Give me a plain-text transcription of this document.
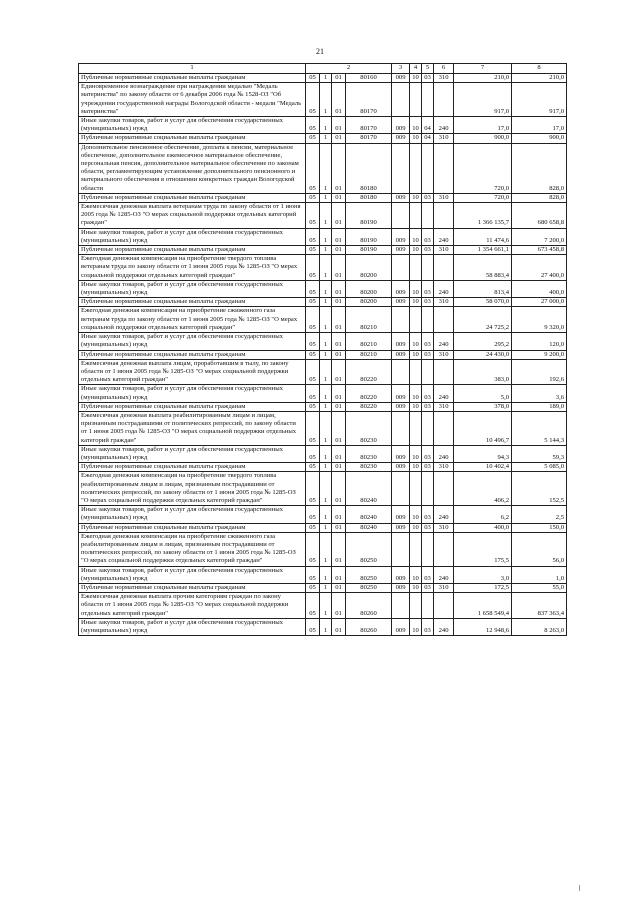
21
1	2				3	4	5	6	7	8
Публичные нормативные социальные выплаты гражданам	05	1	01	80160	009	10	03	310	210,0	210,0
Единовременное вознаграждение при награждении медалью "Медаль материнства" по закону области от 6 декабря 2006 года № 1528-ОЗ "Об учреждении государственной награды Вологодской области - медали "Медаль материнства"	05	1	01	80170					917,0	917,0
Иные закупки товаров, работ и услуг для обеспечения государственных (муниципальных) нужд	05	1	01	80170	009	10	04	240	17,0	17,0
Публичные нормативные социальные выплаты гражданам	05	1	01	80170	009	10	04	310	900,0	900,0
Дополнительное пенсионное обеспечение, доплата к пенсии, материальное обеспечение, дополнительное ежемесячное материальное обеспечение, персональная пенсия, дополнительное материальное обеспечение по законам области, регламентирующим установление дополнительного пенсионного и материального обеспечения в отношении конкретных граждан Вологодской области	05	1	01	80180					720,0	828,0
Публичные нормативные социальные выплаты гражданам	05	1	01	80180	009	10	03	310	720,0	828,0
Ежемесячная денежная выплата ветеранам труда по закону области от 1 июня 2005 года № 1285-ОЗ "О мерах социальной поддержки отдельных категорий граждан"	05	1	01	80190					1 366 135,7	680 658,8
Иные закупки товаров, работ и услуг для обеспечения государственных (муниципальных) нужд	05	1	01	80190	009	10	03	240	11 474,6	7 200,0
Публичные нормативные социальные выплаты гражданам	05	1	01	80190	009	10	03	310	1 354 661,1	673 458,8
Ежегодная денежная компенсация на приобретение твердого топлива ветеранам труда по закону области от 1 июня 2005 года № 1285-ОЗ "О мерах социальной поддержки отдельных категорий граждан"	05	1	01	80200					58 883,4	27 400,0
Иные закупки товаров, работ и услуг для обеспечения государственных (муниципальных) нужд	05	1	01	80200	009	10	03	240	813,4	400,0
Публичные нормативные социальные выплаты гражданам	05	1	01	80200	009	10	03	310	58 070,0	27 000,0
Ежегодная денежная компенсация на приобретение сжиженного газа ветеранам труда по закону области от 1 июня 2005 года № 1285-ОЗ "О мерах социальной поддержки отдельных категорий граждан"	05	1	01	80210					24 725,2	9 320,0
Иные закупки товаров, работ и услуг для обеспечения государственных (муниципальных) нужд	05	1	01	80210	009	10	03	240	295,2	120,0
Публичные нормативные социальные выплаты гражданам	05	1	01	80210	009	10	03	310	24 430,0	9 200,0
Ежемесячная денежная выплата лицам, проработавшим в тылу, по закону области от 1 июня 2005 года № 1285-ОЗ "О мерах социальной поддержки отдельных категорий граждан"	05	1	01	80220					383,0	192,6
Иные закупки товаров, работ и услуг для обеспечения государственных (муниципальных) нужд	05	1	01	80220	009	10	03	240	5,0	3,6
Публичные нормативные социальные выплаты гражданам	05	1	01	80220	009	10	03	310	378,0	189,0
Ежемесячная денежная выплата реабилитированным лицам и лицам, признанным пострадавшими от политических репрессий, по закону области от 1 июня 2005 года № 1285-ОЗ "О мерах социальной поддержки отдельных категорий граждан"	05	1	01	80230					10 496,7	5 144,3
Иные закупки товаров, работ и услуг для обеспечения государственных (муниципальных) нужд	05	1	01	80230	009	10	03	240	94,3	59,3
Публичные нормативные социальные выплаты гражданам	05	1	01	80230	009	10	03	310	10 402,4	5 085,0
Ежегодная денежная компенсация на приобретение твердого топлива реабилитированным лицам и лицам, признанным пострадавшими от политических репрессий, по закону области от 1 июня 2005 года № 1285-ОЗ "О мерах социальной поддержки отдельных категорий граждан"	05	1	01	80240					406,2	152,5
Иные закупки товаров, работ и услуг для обеспечения государственных (муниципальных) нужд	05	1	01	80240	009	10	03	240	6,2	2,5
Публичные нормативные социальные выплаты гражданам	05	1	01	80240	009	10	03	310	400,0	150,0
Ежегодная денежная компенсация на приобретение сжиженного газа реабилитированным лицам и лицам, признанным пострадавшими от политических репрессий, по закону области от 1 июня 2005 года № 1285-ОЗ "О мерах социальной поддержки отдельных категорий граждан"	05	1	01	80250					175,5	56,0
Иные закупки товаров, работ и услуг для обеспечения государственных (муниципальных) нужд	05	1	01	80250	009	10	03	240	3,0	1,0
Публичные нормативные социальные выплаты гражданам	05	1	01	80250	009	10	03	310	172,5	55,0
Ежемесячная денежная выплата прочим категориям граждан по закону области от 1 июня 2005 года № 1285-ОЗ "О мерах социальной поддержки отдельных категорий граждан"	05	1	01	80260					1 658 549,4	837 363,4
Иные закупки товаров, работ и услуг для обеспечения государственных (муниципальных) нужд	05	1	01	80260	009	10	03	240	12 948,6	8 263,0
